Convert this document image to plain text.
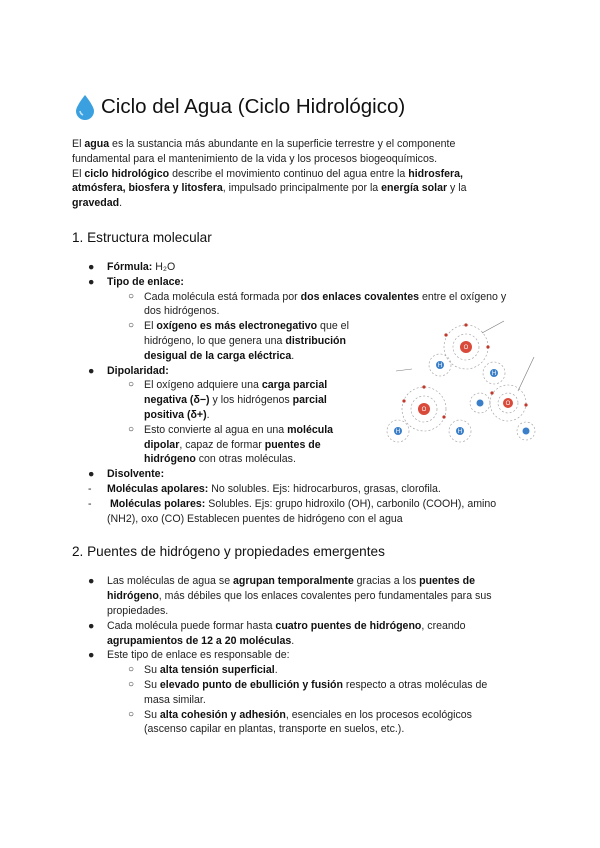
Ciclo del Agua (Ciclo Hidrológico)

El agua es la sustancia más abundante en la superficie terrestre y el componente

fundamental para el mantenimiento de la vida y los procesos biogeoquímicos.

El ciclo hidrológico describe el movimiento continuo del agua entre la hidrosfera,

atmósfera, biosfera y litosfera, impulsado principalmente por la energía solar y la

gravedad.

1. Estructura molecular
● Fórmula: H₂O
● Tipo de enlace:
○ Cada molécula está formada por dos enlaces covalentes entre el oxígeno y
dos hidrógenos.
○ El oxígeno es más electronegativo que el
hidrógeno, lo que genera una distribución
desigual de la carga eléctrica.
● Dipolaridad:
○ El oxígeno adquiere una carga parcial
negativa (δ−) y los hidrógenos parcial
positiva (δ+).
○ Esto convierte al agua en una molécula
dipolar, capaz de formar puentes de
hidrógeno con otras moléculas.
● Disolvente:
- Moléculas apolares: No solubles. Ejs: hidrocarburos, grasas, clorofila.
- Moléculas polares: Solubles. Ejs: grupo hidroxilo (OH), carbonilo (COOH), amino
(NH2), oxo (CO) Establecen puentes de hidrógeno con el agua
2. Puentes de hidrógeno y propiedades emergentes
● Las moléculas de agua se agrupan temporalmente gracias a los puentes de
hidrógeno, más débiles que los enlaces covalentes pero fundamentales para sus
propiedades.
● Cada molécula puede formar hasta cuatro puentes de hidrógeno, creando
agrupamientos de 12 a 20 moléculas.
● Este tipo de enlace es responsable de:
○ Su alta tensión superficial.
○ Su elevado punto de ebullición y fusión respecto a otras moléculas de
masa similar.
○ Su alta cohesión y adhesión, esenciales en los procesos ecológicos
(ascenso capilar en plantas, transporte en suelos, etc.).
O
O
O
H
H
H	H
